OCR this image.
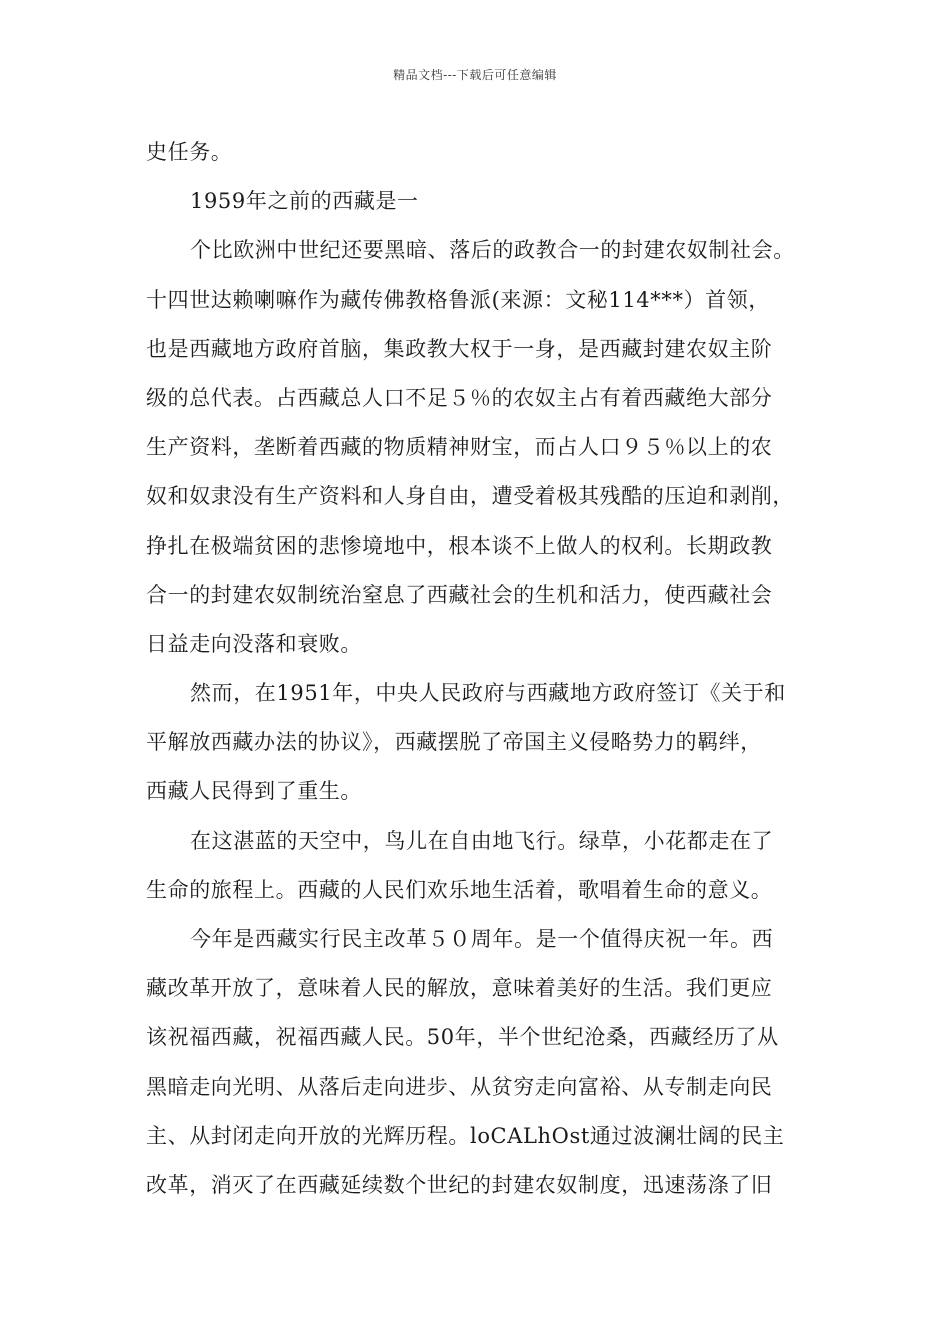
精品文档---下载后可任意编辑
史任务。
1959年之前的西藏是一
个比欧洲中世纪还要黑暗、落后的政教合一的封建农奴制社会。
十四世达赖喇嘛作为藏传佛教格鲁派(来源：文秘114***）首领，
也是西藏地方政府首脑，集政教大权于一身，是西藏封建农奴主阶
级的总代表。占西藏总人口不足５％的农奴主占有着西藏绝大部分
生产资料，垄断着西藏的物质精神财宝，而占人口９５％以上的农
奴和奴隶没有生产资料和人身自由，遭受着极其残酷的压迫和剥削，
挣扎在极端贫困的悲惨境地中，根本谈不上做人的权利。长期政教
合一的封建农奴制统治窒息了西藏社会的生机和活力，使西藏社会
日益走向没落和衰败。
然而，在1951年，中央人民政府与西藏地方政府签订《关于和
平解放西藏办法的协议》，西藏摆脱了帝国主义侵略势力的羁绊，
西藏人民得到了重生。
在这湛蓝的天空中，鸟儿在自由地飞行。绿草，小花都走在了
生命的旅程上。西藏的人民们欢乐地生活着，歌唱着生命的意义。
今年是西藏实行民主改革５０周年。是一个值得庆祝一年。西
藏改革开放了，意味着人民的解放，意味着美好的生活。我们更应
该祝福西藏，祝福西藏人民。50年，半个世纪沧桑，西藏经历了从
黑暗走向光明、从落后走向进步、从贫穷走向富裕、从专制走向民
主、从封闭走向开放的光辉历程。loCALhOst通过波澜壮阔的民主
改革，消灭了在西藏延续数个世纪的封建农奴制度，迅速荡涤了旧
